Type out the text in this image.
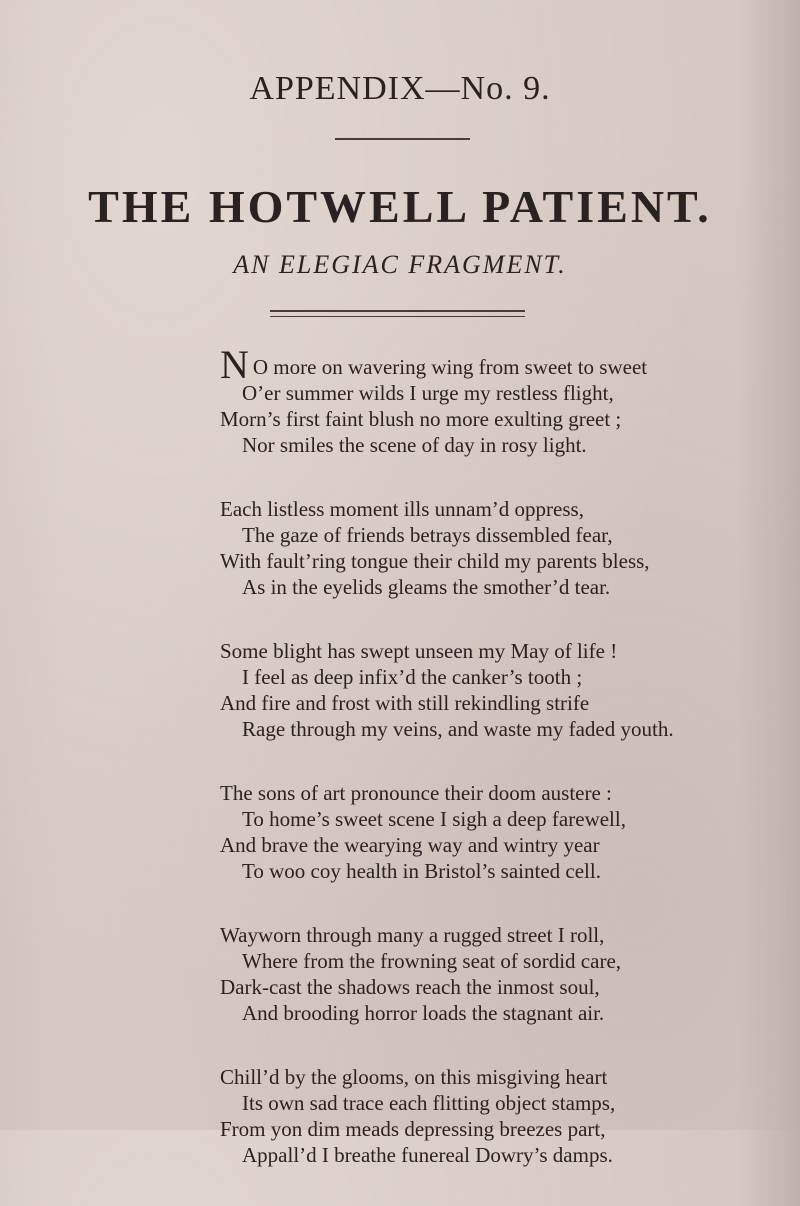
APPENDIX—No. 9.
THE HOTWELL PATIENT.
AN ELEGIAC FRAGMENT.
N O more on wavering wing from sweet to sweet
O’er summer wilds I urge my restless flight,
Morn’s first faint blush no more exulting greet ;
Nor smiles the scene of day in rosy light.
Each listless moment ills unnam’d oppress,
The gaze of friends betrays dissembled fear,
With fault’ring tongue their child my parents bless,
As in the eyelids gleams the smother’d tear.
Some blight has swept unseen my May of life !
I feel as deep infix’d the canker’s tooth ;
And fire and frost with still rekindling strife
Rage through my veins, and waste my faded youth.
The sons of art pronounce their doom austere :
To home’s sweet scene I sigh a deep farewell,
And brave the wearying way and wintry year
To woo coy health in Bristol’s sainted cell.
Wayworn through many a rugged street I roll,
Where from the frowning seat of sordid care,
Dark-cast the shadows reach the inmost soul,
And brooding horror loads the stagnant air.
Chill’d by the glooms, on this misgiving heart
Its own sad trace each flitting object stamps,
From yon dim meads depressing breezes part,
Appall’d I breathe funereal Dowry’s damps.
